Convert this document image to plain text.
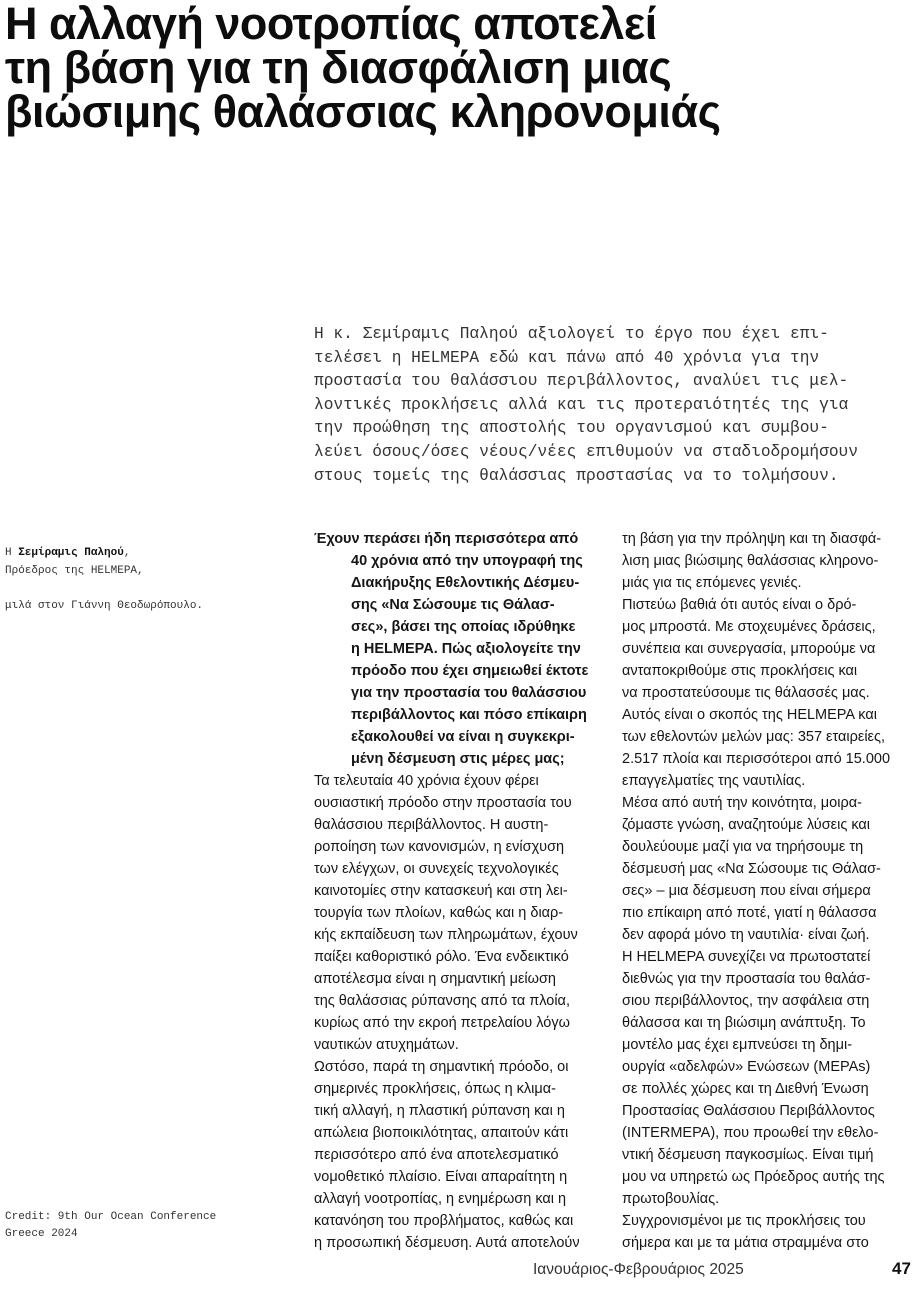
Η αλλαγή νοοτροπίας αποτελεί
τη βάση για τη διασφάλιση μιας
βιώσιμης θαλάσσιας κληρονομιάς
Η κ. Σεμίραμις Παληού αξιολογεί το έργο που έχει επι-
τελέσει η HELMEPA εδώ και πάνω από 40 χρόνια για την
προστασία του θαλάσσιου περιβάλλοντος, αναλύει τις μελ-
λοντικές προκλήσεις αλλά και τις προτεραιότητές της για
την προώθηση της αποστολής του οργανισμού και συμβου-
λεύει όσους/όσες νέους/νέες επιθυμούν να σταδιοδρομήσουν
στους τομείς της θαλάσσιας προστασίας να το τολμήσουν.

Η Σεμίραμις Παληού,

Πρόεδρος της HELMEPA,

μιλά στον Γιάννη Θεοδωρόπουλο.

Credit: 9th Our Ocean Conference
Greece 2024
Έχουν περάσει ήδη περισσότερα από
40 χρόνια από την υπογραφή της
Διακήρυξης Εθελοντικής Δέσμευ-
σης «Να Σώσουμε τις Θάλασ-
σες», βάσει της οποίας ιδρύθηκε
η HELMEPA. Πώς αξιολογείτε την
πρόοδο που έχει σημειωθεί έκτοτε
για την προστασία του θαλάσσιου
περιβάλλοντος και πόσο επίκαιρη
εξακολουθεί να είναι η συγκεκρι-
μένη δέσμευση στις μέρες μας;
Τα τελευταία 40 χρόνια έχουν φέρει
ουσιαστική πρόοδο στην προστασία του
θαλάσσιου περιβάλλοντος. Η αυστη-
ροποίηση των κανονισμών, η ενίσχυση
των ελέγχων, οι συνεχείς τεχνολογικές
καινοτομίες στην κατασκευή και στη λει-
τουργία των πλοίων, καθώς και η διαρ-
κής εκπαίδευση των πληρωμάτων, έχουν
παίξει καθοριστικό ρόλο. Ένα ενδεικτικό
αποτέλεσμα είναι η σημαντική μείωση
της θαλάσσιας ρύπανσης από τα πλοία,
κυρίως από την εκροή πετρελαίου λόγω
ναυτικών ατυχημάτων.
Ωστόσο, παρά τη σημαντική πρόοδο, οι
σημερινές προκλήσεις, όπως η κλιμα-
τική αλλαγή, η πλαστική ρύπανση και η
απώλεια βιοποικιλότητας, απαιτούν κάτι
περισσότερο από ένα αποτελεσματικό
νομοθετικό πλαίσιο. Είναι απαραίτητη η
αλλαγή νοοτροπίας, η ενημέρωση και η
κατανόηση του προβλήματος, καθώς και
η προσωπική δέσμευση. Αυτά αποτελούν
τη βάση για την πρόληψη και τη διασφά-
λιση μιας βιώσιμης θαλάσσιας κληρονο-
μιάς για τις επόμενες γενιές.
Πιστεύω βαθιά ότι αυτός είναι ο δρό-
μος μπροστά. Με στοχευμένες δράσεις,
συνέπεια και συνεργασία, μπορούμε να
ανταποκριθούμε στις προκλήσεις και
να προστατεύσουμε τις θάλασσές μας.
Αυτός είναι ο σκοπός της HELMEPA και
των εθελοντών μελών μας: 357 εταιρείες,
2.517 πλοία και περισσότεροι από 15.000
επαγγελματίες της ναυτιλίας.
Μέσα από αυτή την κοινότητα, μοιρα-
ζόμαστε γνώση, αναζητούμε λύσεις και
δουλεύουμε μαζί για να τηρήσουμε τη
δέσμευσή μας «Να Σώσουμε τις Θάλασ-
σες» – μια δέσμευση που είναι σήμερα
πιο επίκαιρη από ποτέ, γιατί η θάλασσα
δεν αφορά μόνο τη ναυτιλία· είναι ζωή.
Η HELMEPA συνεχίζει να πρωτοστατεί
διεθνώς για την προστασία του θαλάσ-
σιου περιβάλλοντος, την ασφάλεια στη
θάλασσα και τη βιώσιμη ανάπτυξη. Το
μοντέλο μας έχει εμπνεύσει τη δημι-
ουργία «αδελφών» Ενώσεων (MEPAs)
σε πολλές χώρες και τη Διεθνή Ένωση
Προστασίας Θαλάσσιου Περιβάλλοντος
(INTERMEPA), που προωθεί την εθελο-
ντική δέσμευση παγκοσμίως. Είναι τιμή
μου να υπηρετώ ως Πρόεδρος αυτής της
πρωτοβουλίας.
Συγχρονισμένοι με τις προκλήσεις του
σήμερα και με τα μάτια στραμμένα στο
Ιανουάριος-Φεβρουάριος 2025	47
